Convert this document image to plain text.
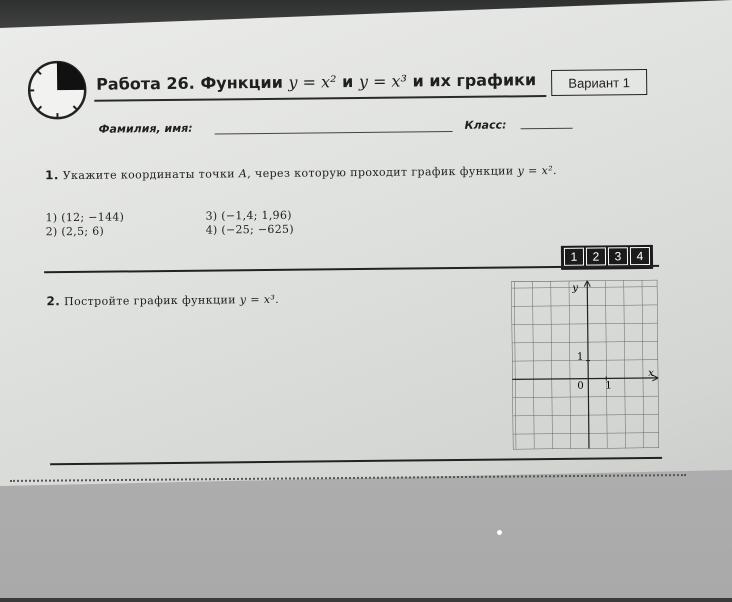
Работа 26. Функции y = x² и y = x³ и их графики	Вариант 1
Фамилия, имя:	Класс:
1. Укажите координаты точки A, через которую проходит график функции y = x².
1) (12; −144)
2) (2,5; 6)
3) (−1,4; 1,96)
4) (−25; −625)
1	2	3	4
2. Постройте график функции y = x³.
y
x
0 1
1
